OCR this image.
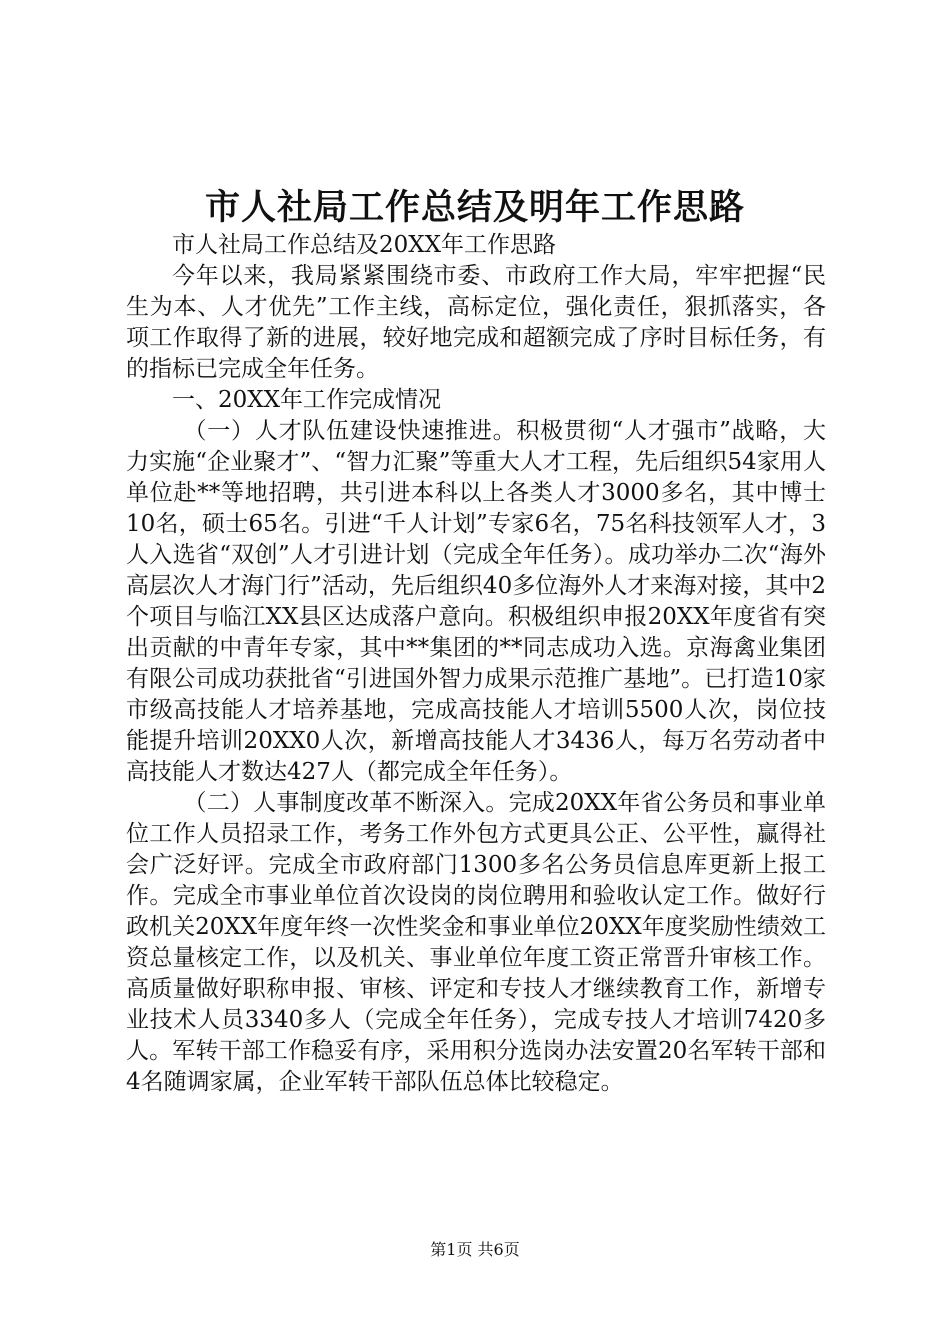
市人社局工作总结及明年工作思路

市人社局工作总结及20XX年工作思路

今年以来，我局紧紧围绕市委、市政府工作大局，牢牢把握“民生为本、人才优先”工作主线，高标定位，强化责任，狠抓落实，各项工作取得了新的进展，较好地完成和超额完成了序时目标任务，有的指标已完成全年任务。

一、20XX年工作完成情况

（一）人才队伍建设快速推进。积极贯彻“人才强市”战略，大力实施“企业聚才”、“智力汇聚”等重大人才工程，先后组织54家用人单位赴**等地招聘，共引进本科以上各类人才3000多名，其中博士10名，硕士65名。引进“千人计划”专家6名，75名科技领军人才，3人入选省“双创”人才引进计划（完成全年任务）。成功举办二次“海外高层次人才海门行”活动，先后组织40多位海外人才来海对接，其中2个项目与临江XX县区达成落户意向。积极组织申报20XX年度省有突出贡献的中青年专家，其中**集团的**同志成功入选。京海禽业集团有限公司成功获批省“引进国外智力成果示范推广基地”。已打造10家市级高技能人才培养基地，完成高技能人才培训5500人次，岗位技能提升培训20XX0人次，新增高技能人才3436人，每万名劳动者中高技能人才数达427人（都完成全年任务）。

（二）人事制度改革不断深入。完成20XX年省公务员和事业单位工作人员招录工作，考务工作外包方式更具公正、公平性，赢得社会广泛好评。完成全市政府部门1300多名公务员信息库更新上报工作。完成全市事业单位首次设岗的岗位聘用和验收认定工作。做好行政机关20XX年度年终一次性奖金和事业单位20XX年度奖励性绩效工资总量核定工作，以及机关、事业单位年度工资正常晋升审核工作。高质量做好职称申报、审核、评定和专技人才继续教育工作，新增专业技术人员3340多人（完成全年任务），完成专技人才培训7420多人。军转干部工作稳妥有序，采用积分选岗办法安置20名军转干部和4名随调家属，企业军转干部队伍总体比较稳定。

第1页 共6页
